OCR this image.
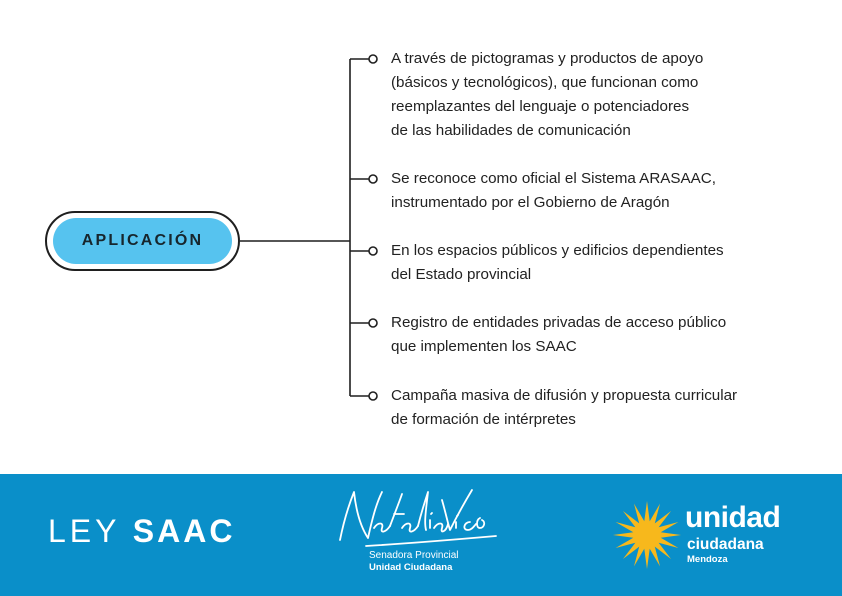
APLICACIÓN
A través de pictogramas y productos de apoyo
(básicos y tecnológicos), que funcionan como
reemplazantes del lenguaje o potenciadores
de las habilidades de comunicación
Se reconoce como oficial el Sistema ARASAAC,
instrumentado por el Gobierno de Aragón
En los espacios públicos y edificios dependientes
del Estado provincial
Registro de entidades privadas de acceso público
que implementen los SAAC
Campaña masiva de difusión y propuesta curricular
de formación de intérpretes
LEY SAAC
Senadora Provincial
Unidad Ciudadana
unidad
ciudadana
Mendoza
